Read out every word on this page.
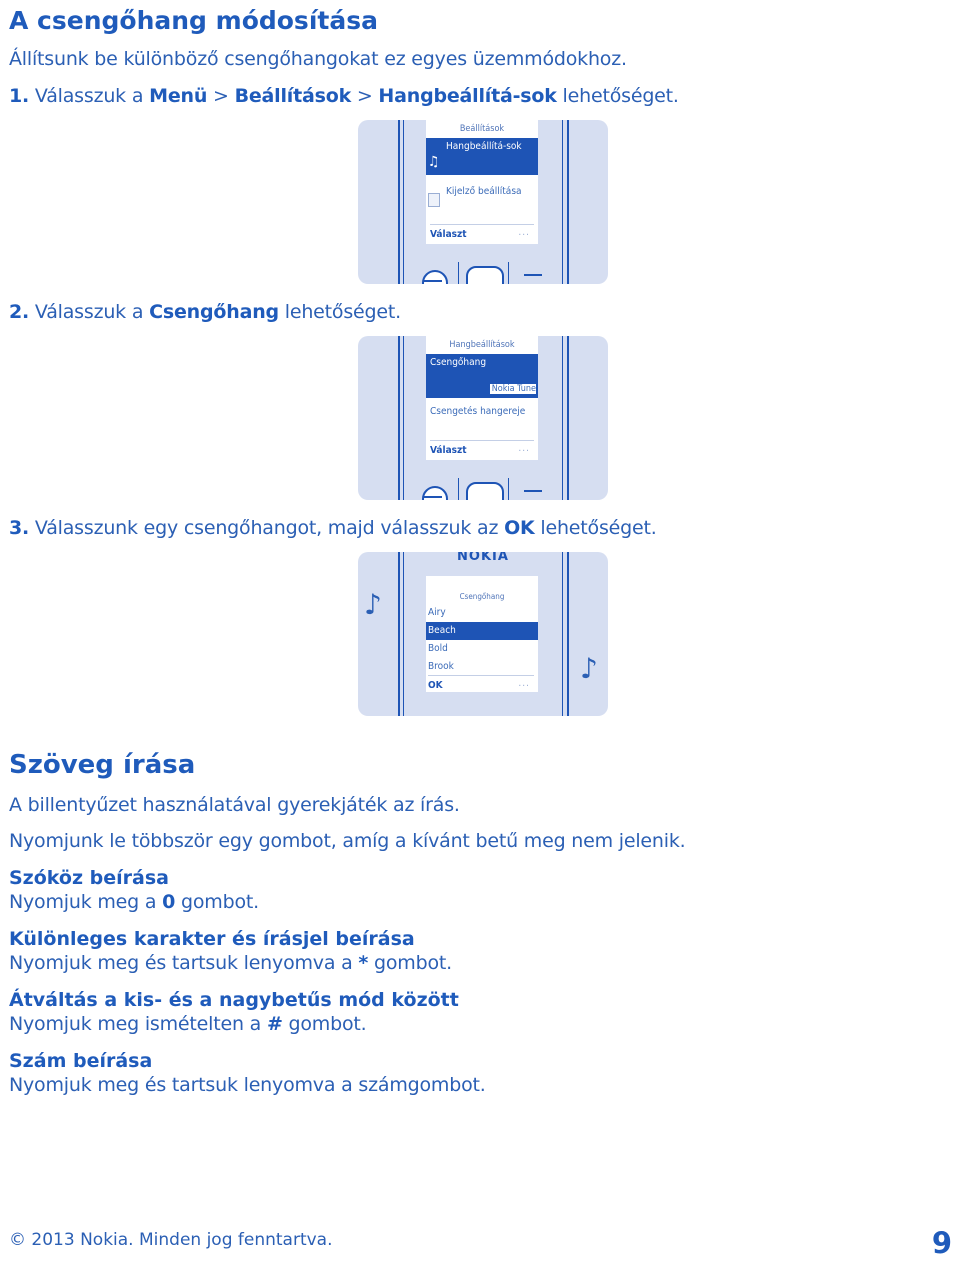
A csengőhang módosítása
Állítsunk be különböző csengőhangokat ez egyes üzemmódokhoz.
1. Válasszuk a Menü > Beállítások > Hangbeállítá-sok lehetőséget.
Beállítások
Hangbeállítá-sok
♫
Kijelző beállítása
Választ	...
2. Válasszuk a Csengőhang lehetőséget.
Hangbeállítások
Csengőhang
Nokia Tune
Csengetés hangereje
Választ	...
3. Válasszunk egy csengőhangot, majd válasszuk az OK lehetőséget.
NOKIA
♪
♪
Csengőhang
Airy
Beach
Bold
Brook
OK	...
Szöveg írása
A billentyűzet használatával gyerekjáték az írás.
Nyomjunk le többször egy gombot, amíg a kívánt betű meg nem jelenik.
Szóköz beírása
Nyomjuk meg a 0 gombot.
Különleges karakter és írásjel beírása
Nyomjuk meg és tartsuk lenyomva a * gombot.
Átváltás a kis- és a nagybetűs mód között
Nyomjuk meg ismételten a # gombot.
Szám beírása
Nyomjuk meg és tartsuk lenyomva a számgombot.
© 2013 Nokia. Minden jog fenntartva.	9
